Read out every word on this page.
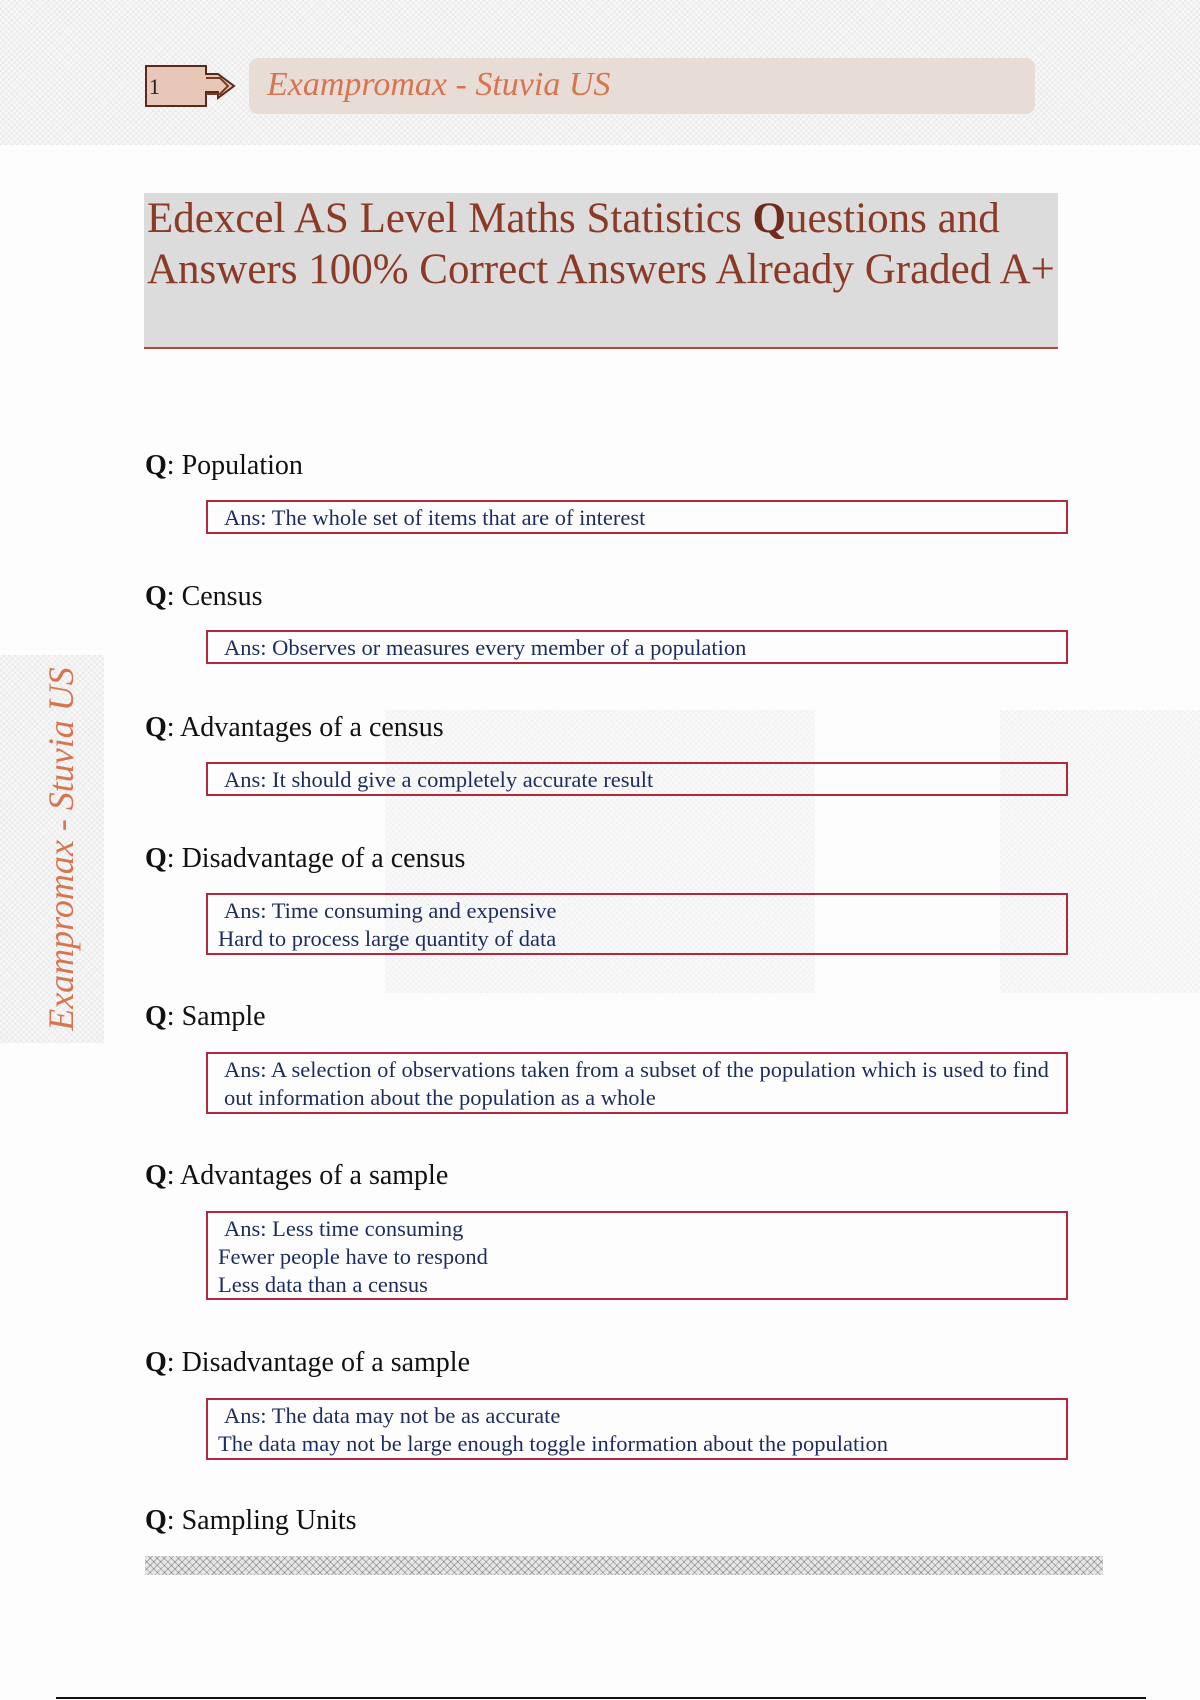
1	Exampromax - Stuvia US
Edexcel AS Level Maths Statistics Questions and Answers 100% Correct Answers Already Graded A+
Exampromax - Stuvia US
Q: Population
Ans: The whole set of items that are of interest
Q: Census
Ans: Observes or measures every member of a population
Q: Advantages of a census
Ans: It should give a completely accurate result
Q: Disadvantage of a census
Ans: Time consuming and expensive
Hard to process large quantity of data
Q: Sample
Ans: A selection of observations taken from a subset of the population which is used to find out information about the population as a whole
Q: Advantages of a sample
Ans: Less time consuming
Fewer people have to respond
Less data than a census
Q: Disadvantage of a sample
Ans: The data may not be as accurate
The data may not be large enough toggle information about the population
Q: Sampling Units
